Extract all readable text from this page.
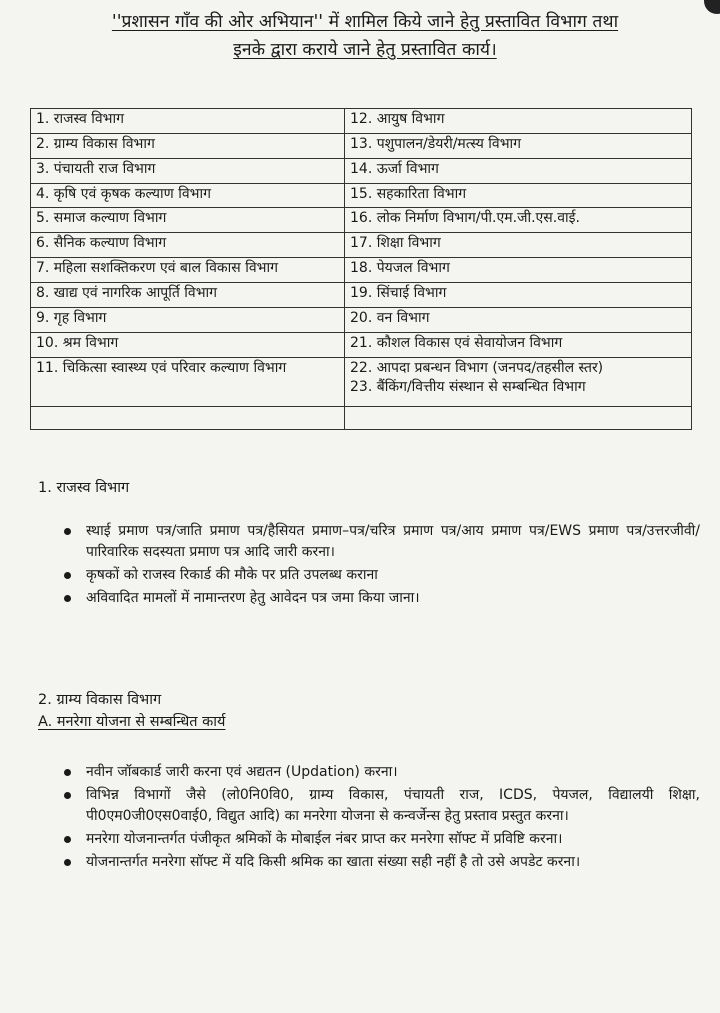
''प्रशासन गाँव की ओर अभियान'' में शामिल किये जाने हेतु प्रस्तावित विभाग तथा
इनके द्वारा कराये जाने हेतु प्रस्तावित कार्य।
1. राजस्व विभाग	12. आयुष विभाग
2. ग्राम्य विकास विभाग	13. पशुपालन/डेयरी/मत्स्य विभाग
3. पंचायती राज विभाग	14. ऊर्जा विभाग
4. कृषि एवं कृषक कल्याण विभाग	15. सहकारिता विभाग
5. समाज कल्याण विभाग	16. लोक निर्माण विभाग/पी.एम.जी.एस.वाई.
6. सैनिक कल्याण विभाग	17. शिक्षा विभाग
7. महिला सशक्तिकरण एवं बाल विकास विभाग	18. पेयजल विभाग
8. खाद्य एवं नागरिक आपूर्ति विभाग	19. सिंचाई विभाग
9. गृह विभाग	20. वन विभाग
10. श्रम विभाग	21. कौशल विकास एवं सेवायोजन विभाग
11. चिकित्सा स्वास्थ्य एवं परिवार कल्याण विभाग	22. आपदा प्रबन्धन विभाग (जनपद/तहसील स्तर)
23. बैंकिंग/वित्तीय संस्थान से सम्बन्धित विभाग

1. राजस्व विभाग
स्थाई प्रमाण पत्र/जाति प्रमाण पत्र/हैसियत प्रमाण–पत्र/चरित्र प्रमाण पत्र/आय प्रमाण पत्र/EWS प्रमाण पत्र/उत्तरजीवी/पारिवारिक सदस्यता प्रमाण पत्र आदि जारी करना।
कृषकों को राजस्व रिकार्ड की मौके पर प्रति उपलब्ध कराना
अविवादित मामलों में नामान्तरण हेतु आवेदन पत्र जमा किया जाना।
2. ग्राम्य विकास विभाग
A. मनरेगा योजना से सम्बन्धित कार्य
नवीन जॉबकार्ड जारी करना एवं अद्यतन (Updation) करना।
विभिन्न विभागों जैसे (लो0नि0वि0, ग्राम्य विकास, पंचायती राज, ICDS, पेयजल, विद्यालयी शिक्षा, पी0एम0जी0एस0वाई0, विद्युत आदि) का मनरेगा योजना से कन्वर्जेन्स हेतु प्रस्ताव प्रस्तुत करना।
मनरेगा योजनान्तर्गत पंजीकृत श्रमिकों के मोबाईल नंबर प्राप्त कर मनरेगा सॉफ्ट में प्रविष्टि करना।
योजनान्तर्गत मनरेगा सॉफ्ट में यदि किसी श्रमिक का खाता संख्या सही नहीं है तो उसे अपडेट करना।
